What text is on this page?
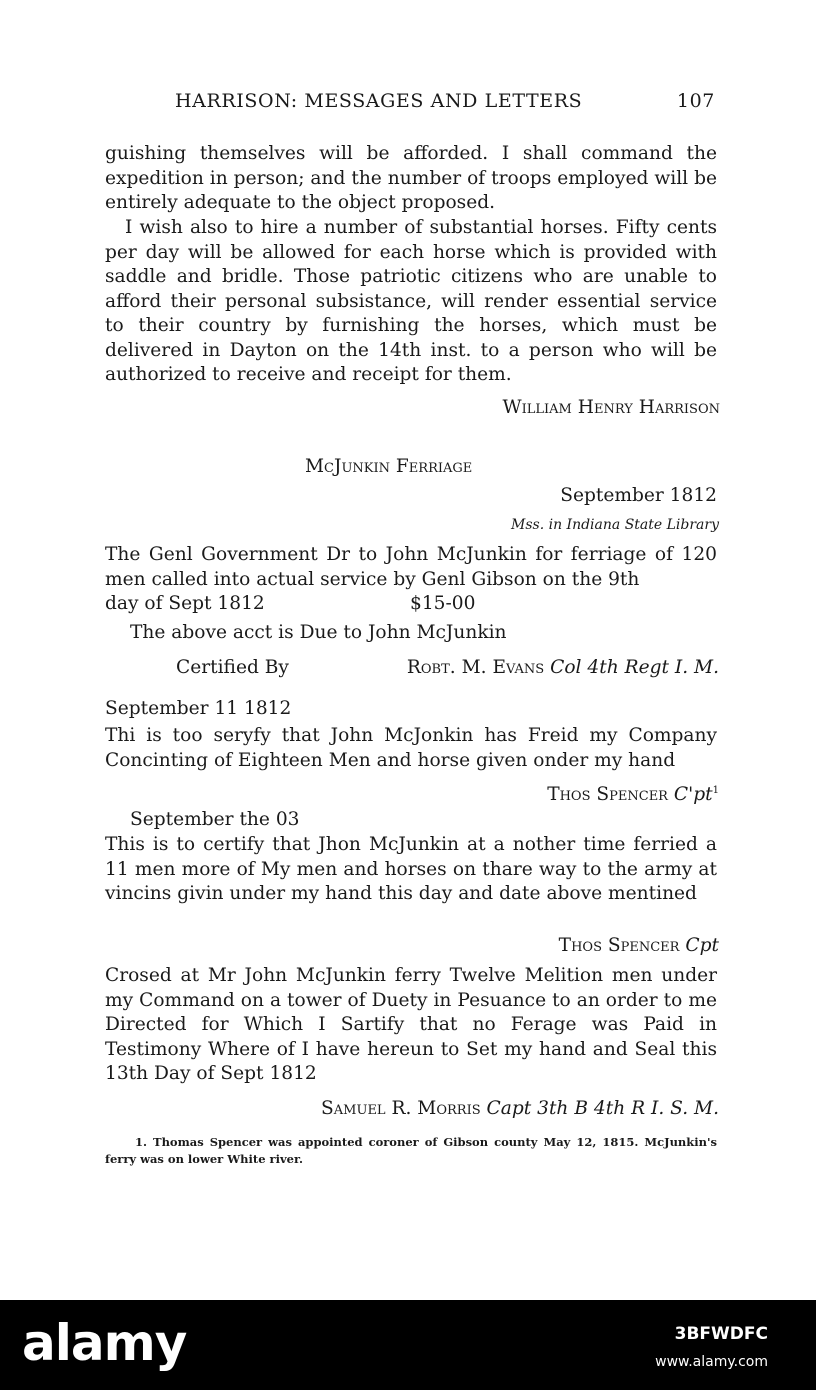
HARRISON: MESSAGES AND LETTERS	107
guishing themselves will be afforded. I shall command the expedition in person; and the number of troops employed will be entirely adequate to the object proposed.
I wish also to hire a number of substantial horses. Fifty cents per day will be allowed for each horse which is provided with saddle and bridle. Those patriotic citizens who are unable to afford their personal subsistance, will render essential service to their country by furnishing the horses, which must be delivered in Dayton on the 14th inst. to a person who will be authorized to receive and receipt for them.
William Henry Harrison
McJunkin Ferriage
September 1812
Mss. in Indiana State Library
The Genl Government Dr to John McJunkin for ferriage of 120 men called into actual service by Genl Gibson on the 9th
day of Sept 1812	$15-00
The above acct is Due to John McJunkin
Certified By	Robt. M. Evans Col 4th Regt I. M.
September 11 1812
Thi is too seryfy that John McJonkin has Freid my Company Concinting of Eighteen Men and horse given onder my hand
Thos Spencer $C'pt^1$
September the 03
This is to certify that Jhon McJunkin at a nother time ferried a 11 men more of My men and horses on thare way to the army at vincins givin under my hand this day and date above mentined
Thos Spencer Cpt
Crosed at Mr John McJunkin ferry Twelve Melition men under my Command on a tower of Duety in Pesuance to an order to me Directed for Which I Sartify that no Ferage was Paid in Testimony Where of I have hereun to Set my hand and Seal this 13th Day of Sept 1812
Samuel R. Morris Capt 3th B 4th R I. S. M.
1. Thomas Spencer was appointed coroner of Gibson county May 12, 1815. McJunkin's ferry was on lower White river.
alamy	3BFWDFC
www.alamy.com
